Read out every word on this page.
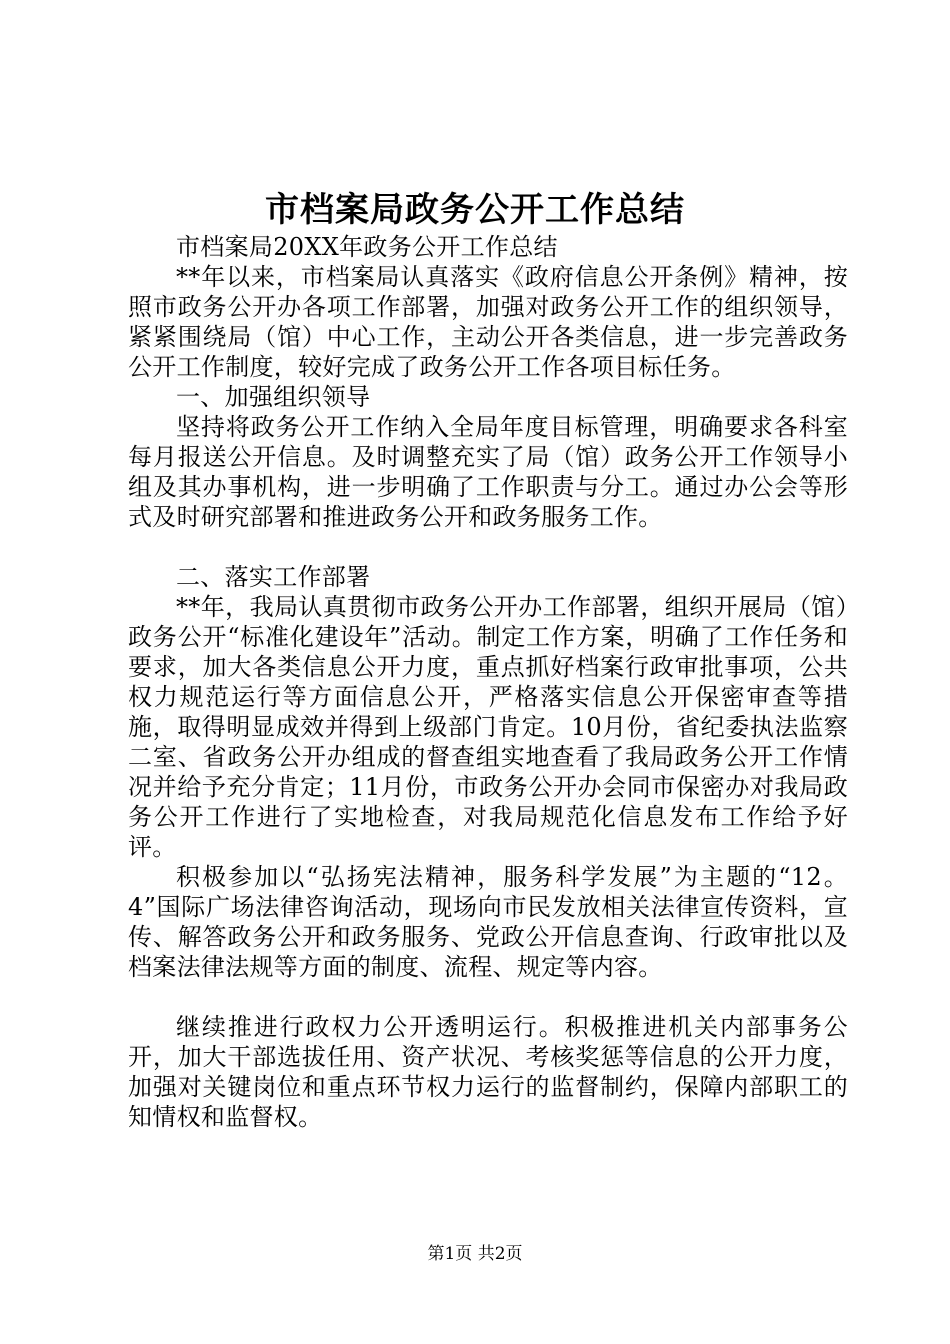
市档案局政务公开工作总结

市档案局20XX年政务公开工作总结

**年以来，市档案局认真落实《政府信息公开条例》精神，按照市政务公开办各项工作部署，加强对政务公开工作的组织领导，紧紧围绕局（馆）中心工作，主动公开各类信息，进一步完善政务公开工作制度，较好完成了政务公开工作各项目标任务。

一、加强组织领导

坚持将政务公开工作纳入全局年度目标管理，明确要求各科室每月报送公开信息。及时调整充实了局（馆）政务公开工作领导小组及其办事机构，进一步明确了工作职责与分工。通过办公会等形式及时研究部署和推进政务公开和政务服务工作。

二、落实工作部署

**年，我局认真贯彻市政务公开办工作部署，组织开展局（馆）政务公开“标准化建设年”活动。制定工作方案，明确了工作任务和要求，加大各类信息公开力度，重点抓好档案行政审批事项，公共权力规范运行等方面信息公开，严格落实信息公开保密审查等措施，取得明显成效并得到上级部门肯定。10月份，省纪委执法监察二室、省政务公开办组成的督查组实地查看了我局政务公开工作情况并给予充分肯定；11月份，市政务公开办会同市保密办对我局政务公开工作进行了实地检查，对我局规范化信息发布工作给予好评。

积极参加以“弘扬宪法精神，服务科学发展”为主题的“12。4”国际广场法律咨询活动，现场向市民发放相关法律宣传资料，宣传、解答政务公开和政务服务、党政公开信息查询、行政审批以及档案法律法规等方面的制度、流程、规定等内容。

继续推进行政权力公开透明运行。积极推进机关内部事务公开，加大干部选拔任用、资产状况、考核奖惩等信息的公开力度，加强对关键岗位和重点环节权力运行的监督制约，保障内部职工的知情权和监督权。

第1页 共2页
